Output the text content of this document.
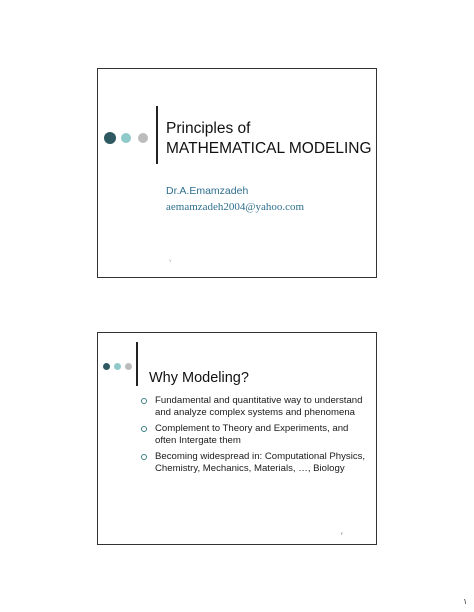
Principles of
MATHEMATICAL MODELING
Dr.A.Emamzadeh
aemamzadeh2004@yahoo.com
١
Why Modeling?
Fundamental and quantitative way to understand and analyze complex systems and phenomena
Complement to Theory and Experiments, and often Intergate them
Becoming widespread in: Computational Physics, Chemistry, Mechanics, Materials, …, Biology
٢
١
